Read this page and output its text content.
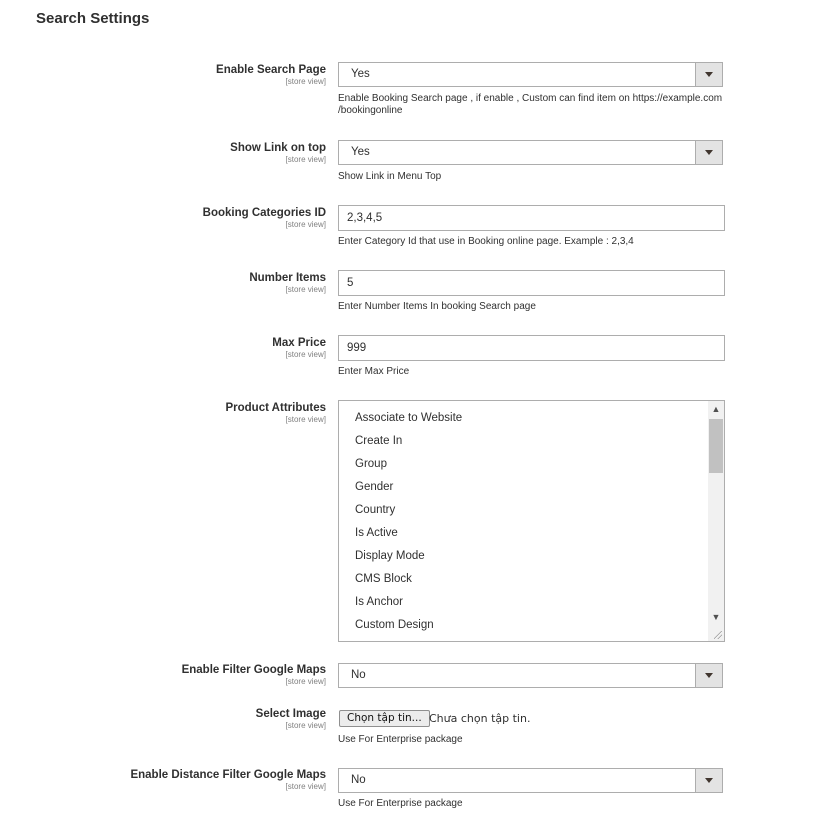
Search Settings
Enable Search Page
[store view]
Yes
Enable Booking Search page , if enable , Custom can find item on https://example.com
/bookingonline
Show Link on top
[store view]
Yes
Show Link in Menu Top
Booking Categories ID
[store view]
2,3,4,5
Enter Category Id that use in Booking online page. Example : 2,3,4
Number Items
[store view]
5
Enter Number Items In booking Search page
Max Price
[store view]
999
Enter Max Price
Product Attributes
[store view]	Associate to Website
Create In
Group
Gender
Country
Is Active
Display Mode
CMS Block
Is Anchor
Custom Design
▲
▼
Enable Filter Google Maps
[store view]
No
Select Image
[store view]
Chọn tập tin... Chưa chọn tập tin.
Use For Enterprise package
Enable Distance Filter Google Maps
[store view]
No
Use For Enterprise package
